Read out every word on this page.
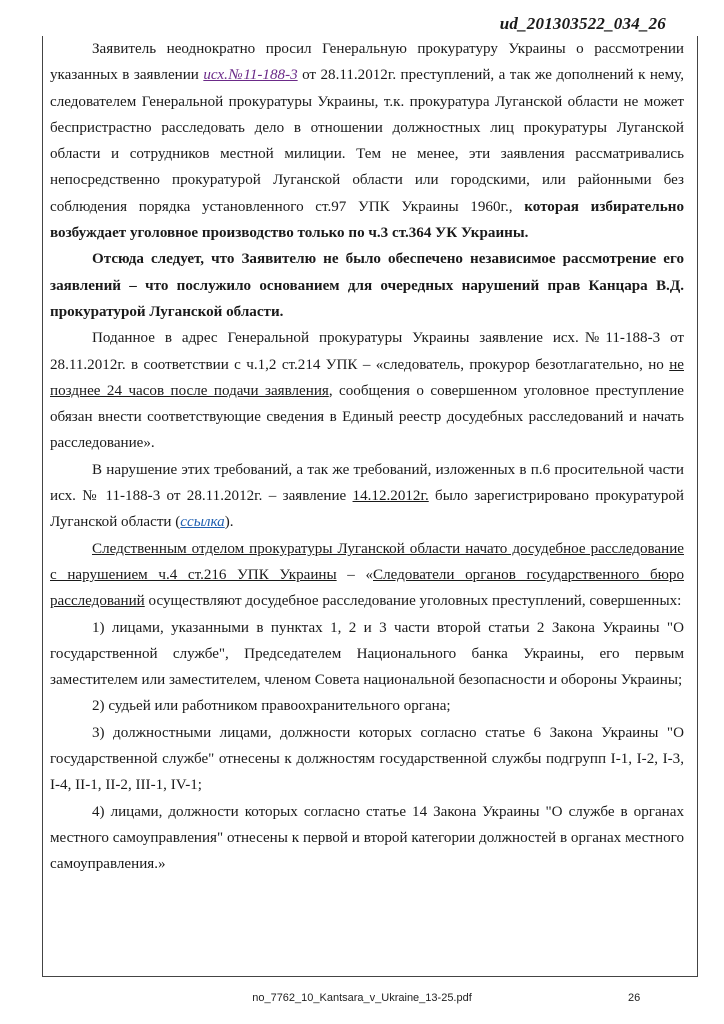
ud_201303522_034_26

Заявитель неоднократно просил Генеральную прокуратуру Украины о рассмотрении указанных в заявлении исх.№11-188-3 от 28.11.2012г. преступлений, а так же дополнений к нему, следователем Генеральной прокуратуры Украины, т.к. прокуратура Луганской области не может беспристрастно расследовать дело в отношении должностных лиц прокуратуры Луганской области и сотрудников местной милиции. Тем не менее, эти заявления рассматривались непосредственно прокуратурой Луганской области или городскими, или районными без соблюдения порядка установленного ст.97 УПК Украины 1960г., которая избирательно возбуждает уголовное производство только по ч.3 ст.364 УК Украины.

Отсюда следует, что Заявителю не было обеспечено независимое рассмотрение его заявлений – что послужило основанием для очередных нарушений прав Канцара В.Д. прокуратурой Луганской области.

Поданное в адрес Генеральной прокуратуры Украины заявление исх.№11-188-3 от 28.11.2012г. в соответствии с ч.1,2 ст.214 УПК – «следователь, прокурор безотлагательно, но не позднее 24 часов после подачи заявления, сообщения о совершенном уголовное преступление обязан внести соответствующие сведения в Единый реестр досудебных расследований и начать расследование».

В нарушение этих требований, а так же требований, изложенных в п.6 просительной части исх. № 11-188-3 от 28.11.2012г. – заявление 14.12.2012г. было зарегистрировано прокуратурой Луганской области (ссылка).

Следственным отделом прокуратуры Луганской области начато досудебное расследование с нарушением ч.4 ст.216 УПК Украины – «Следователи органов государственного бюро расследований осуществляют досудебное расследование уголовных преступлений, совершенных:

1) лицами, указанными в пунктах 1, 2 и 3 части второй статьи 2 Закона Украины "О государственной службе", Председателем Национального банка Украины, его первым заместителем или заместителем, членом Совета национальной безопасности и обороны Украины;

2) судьей или работником правоохранительного органа;

3) должностными лицами, должности которых согласно статье 6 Закона Украины "О государственной службе" отнесены к должностям государственной службы подгрупп I-1, I-2, I-3, I-4, II-1, II-2, III-1, IV-1;

4) лицами, должности которых согласно статье 14 Закона Украины "О службе в органах местного самоуправления" отнесены к первой и второй категории должностей в органах местного самоуправления.»

no_7762_10_Kantsara_v_Ukraine_13-25.pdf	26
